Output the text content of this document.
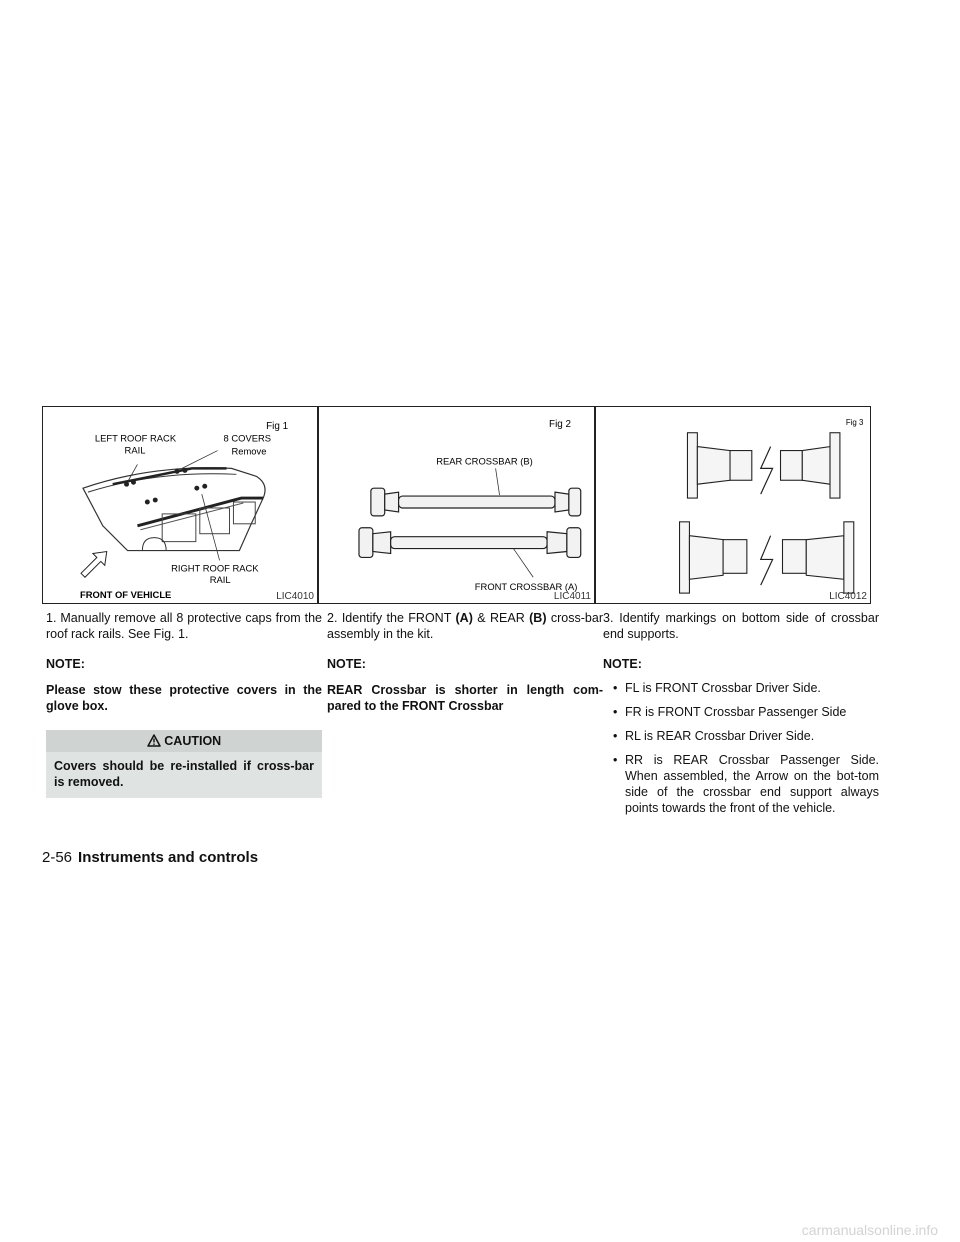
LEFT ROOF RACK
RAIL
Fig 1
8 COVERS
Remove
RIGHT ROOF RACK
RAIL
FRONT OF VEHICLE	LIC4010
Fig 2
REAR CROSSBAR (B)
FRONT CROSSBAR (A)
LIC4011
Fig 3
LIC4012

1. Manually remove all 8 protective caps from the roof rack rails. See Fig. 1.

NOTE:

Please stow these protective covers in the glove box.

CAUTION
Covers should be re-installed if cross-bar is removed.

2. Identify the FRONT (A) & REAR (B) cross-bar assembly in the kit.

NOTE:

REAR Crossbar is shorter in length com-pared to the FRONT Crossbar

3. Identify markings on bottom side of crossbar end supports.

NOTE:

• FL is FRONT Crossbar Driver Side.
• FR is FRONT Crossbar Passenger Side
• RL is REAR Crossbar Driver Side.
• RR is REAR Crossbar Passenger Side. When assembled, the Arrow on the bot-tom side of the crossbar end support always points towards the front of the vehicle.
2-56 Instruments and controls
carmanualsonline.info
